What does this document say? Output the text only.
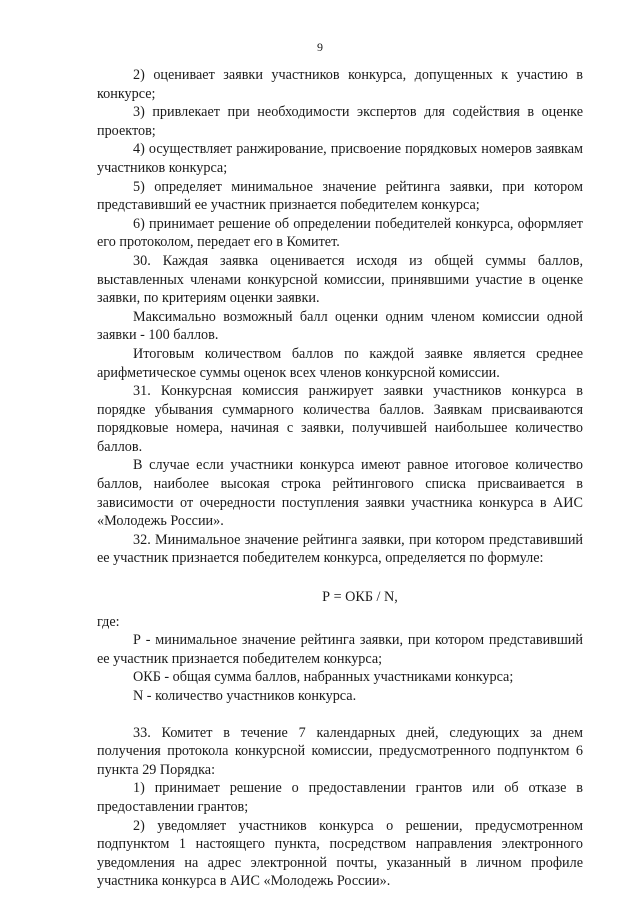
9

2) оценивает заявки участников конкурса, допущенных к участию в конкурсе;

3) привлекает при необходимости экспертов для содействия в оценке проектов;

4) осуществляет ранжирование, присвоение порядковых номеров заявкам участников конкурса;

5) определяет минимальное значение рейтинга заявки, при котором представивший ее участник признается победителем конкурса;

6) принимает решение об определении победителей конкурса, оформляет его протоколом, передает его в Комитет.

30. Каждая заявка оценивается исходя из общей суммы баллов, выставленных членами конкурсной комиссии, принявшими участие в оценке заявки, по критериям оценки заявки.

Максимально возможный балл оценки одним членом комиссии одной заявки - 100 баллов.

Итоговым количеством баллов по каждой заявке является среднее арифметическое суммы оценок всех членов конкурсной комиссии.

31. Конкурсная комиссия ранжирует заявки участников конкурса в порядке убывания суммарного количества баллов. Заявкам присваиваются порядковые номера, начиная с заявки, получившей наибольшее количество баллов.

В случае если участники конкурса имеют равное итоговое количество баллов, наиболее высокая строка рейтингового списка присваивается в зависимости от очередности поступления заявки участника конкурса в АИС «Молодежь России».

32. Минимальное значение рейтинга заявки, при котором представивший ее участник признается победителем конкурса, определяется по формуле:

Р = ОКБ / N,

где:

Р - минимальное значение рейтинга заявки, при котором представивший ее участник признается победителем конкурса;

ОКБ - общая сумма баллов, набранных участниками конкурса;

N - количество участников конкурса.

33. Комитет в течение 7 календарных дней, следующих за днем получения протокола конкурсной комиссии, предусмотренного подпунктом 6 пункта 29 Порядка:

1) принимает решение о предоставлении грантов или об отказе в предоставлении грантов;

2) уведомляет участников конкурса о решении, предусмотренном подпунктом 1 настоящего пункта, посредством направления электронного уведомления на адрес электронной почты, указанный в личном профиле участника конкурса в АИС «Молодежь России».
